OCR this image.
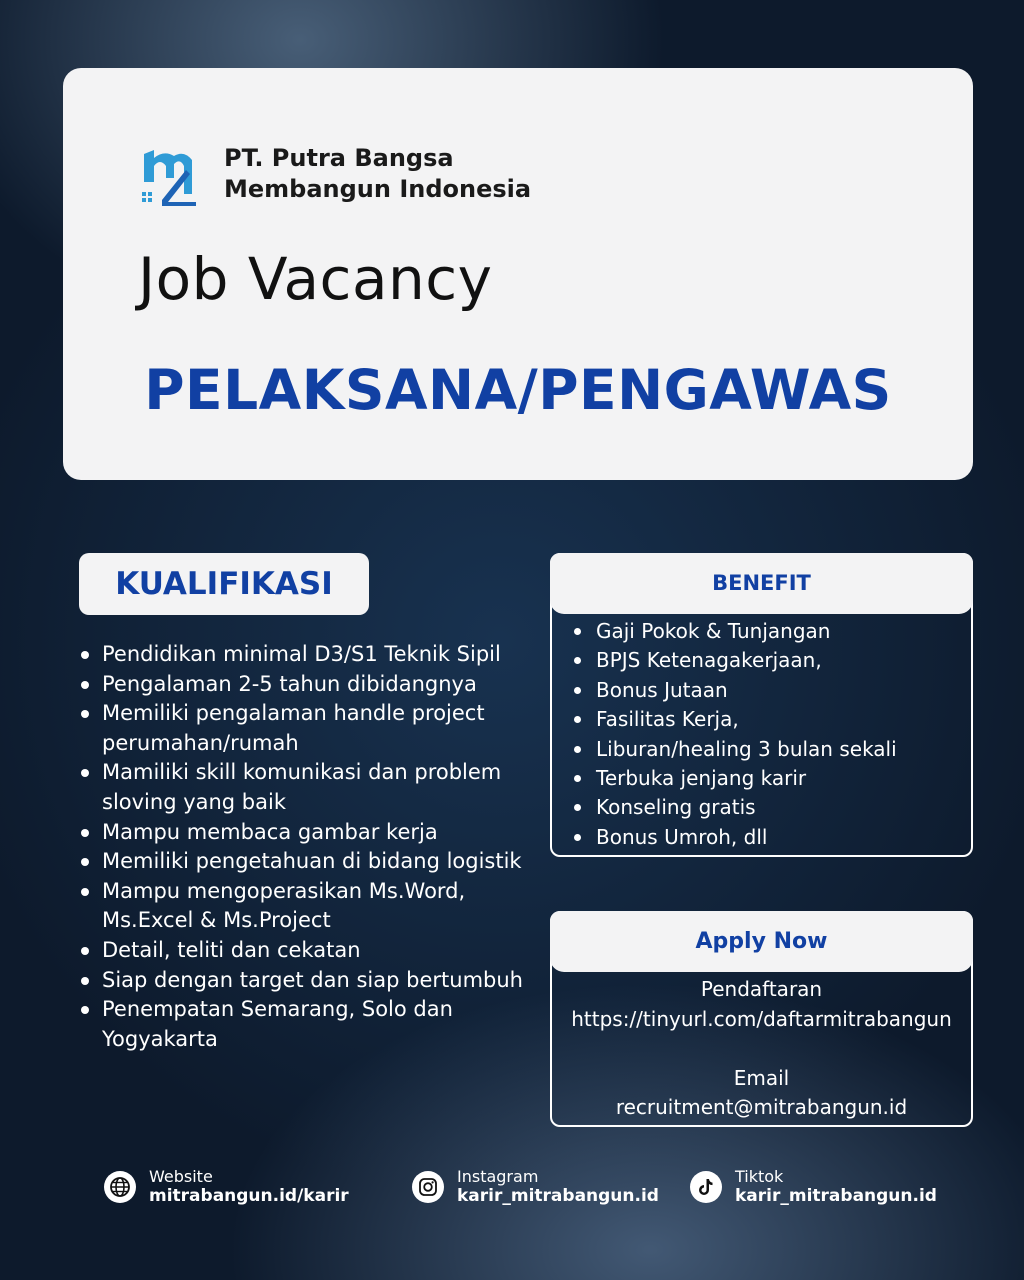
PT. Putra Bangsa
Membangun Indonesia
Job Vacancy
PELAKSANA/PENGAWAS
KUALIFIKASI
Pendidikan minimal D3/S1 Teknik Sipil
Pengalaman 2-5 tahun dibidangnya
Memiliki pengalaman handle project perumahan/rumah
Mamiliki skill komunikasi dan problem sloving yang baik
Mampu membaca gambar kerja
Memiliki pengetahuan di bidang logistik
Mampu mengoperasikan Ms.Word, Ms.Excel & Ms.Project
Detail, teliti dan cekatan
Siap dengan target dan siap bertumbuh
Penempatan Semarang, Solo dan Yogyakarta
BENEFIT
Gaji Pokok & Tunjangan
BPJS Ketenagakerjaan,
Bonus Jutaan
Fasilitas Kerja,
Liburan/healing 3 bulan sekali
Terbuka jenjang karir
Konseling gratis
Bonus Umroh, dll
Apply Now
Pendaftaran
https://tinyurl.com/daftarmitrabangun
Email
recruitment@mitrabangun.id
Website
mitrabangun.id/karir
Instagram
karir_mitrabangun.id
Tiktok
karir_mitrabangun.id
